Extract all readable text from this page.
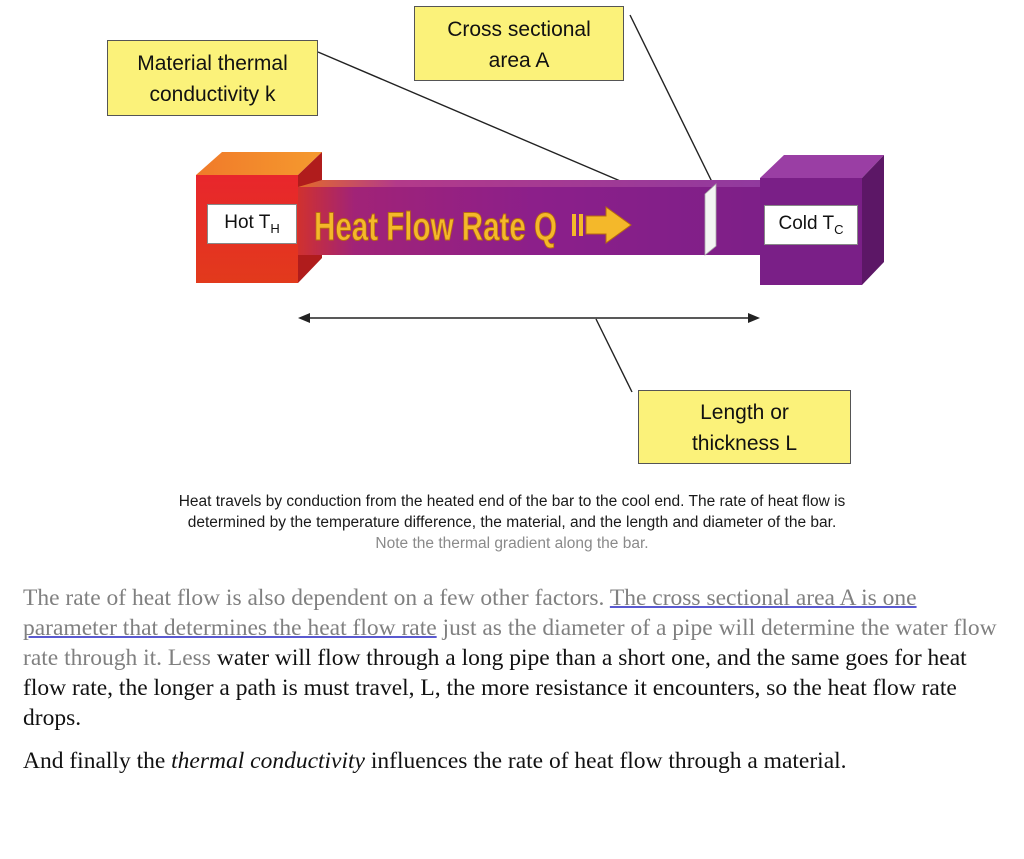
Heat Flow Rate Q
Material thermal
conductivity k
Cross sectional
area A
Length or
thickness L
Hot $T_H$	Cold $T_C$
Heat travels by conduction from the heated end of the bar to the cool end. The rate of heat flow is
determined by the temperature difference, the material, and the length and diameter of the bar.
Note the thermal gradient along the bar.

The rate of heat flow is also dependent on a few other factors. The cross sectional area A is one parameter that determines the heat flow rate just as the diameter of a pipe will determine the water flow rate through it. Less water will flow through a long pipe than a short one, and the same goes for heat flow rate, the longer a path is must travel, L, the more resistance it encounters, so the heat flow rate drops.

And finally the thermal conductivity influences the rate of heat flow through a material.
